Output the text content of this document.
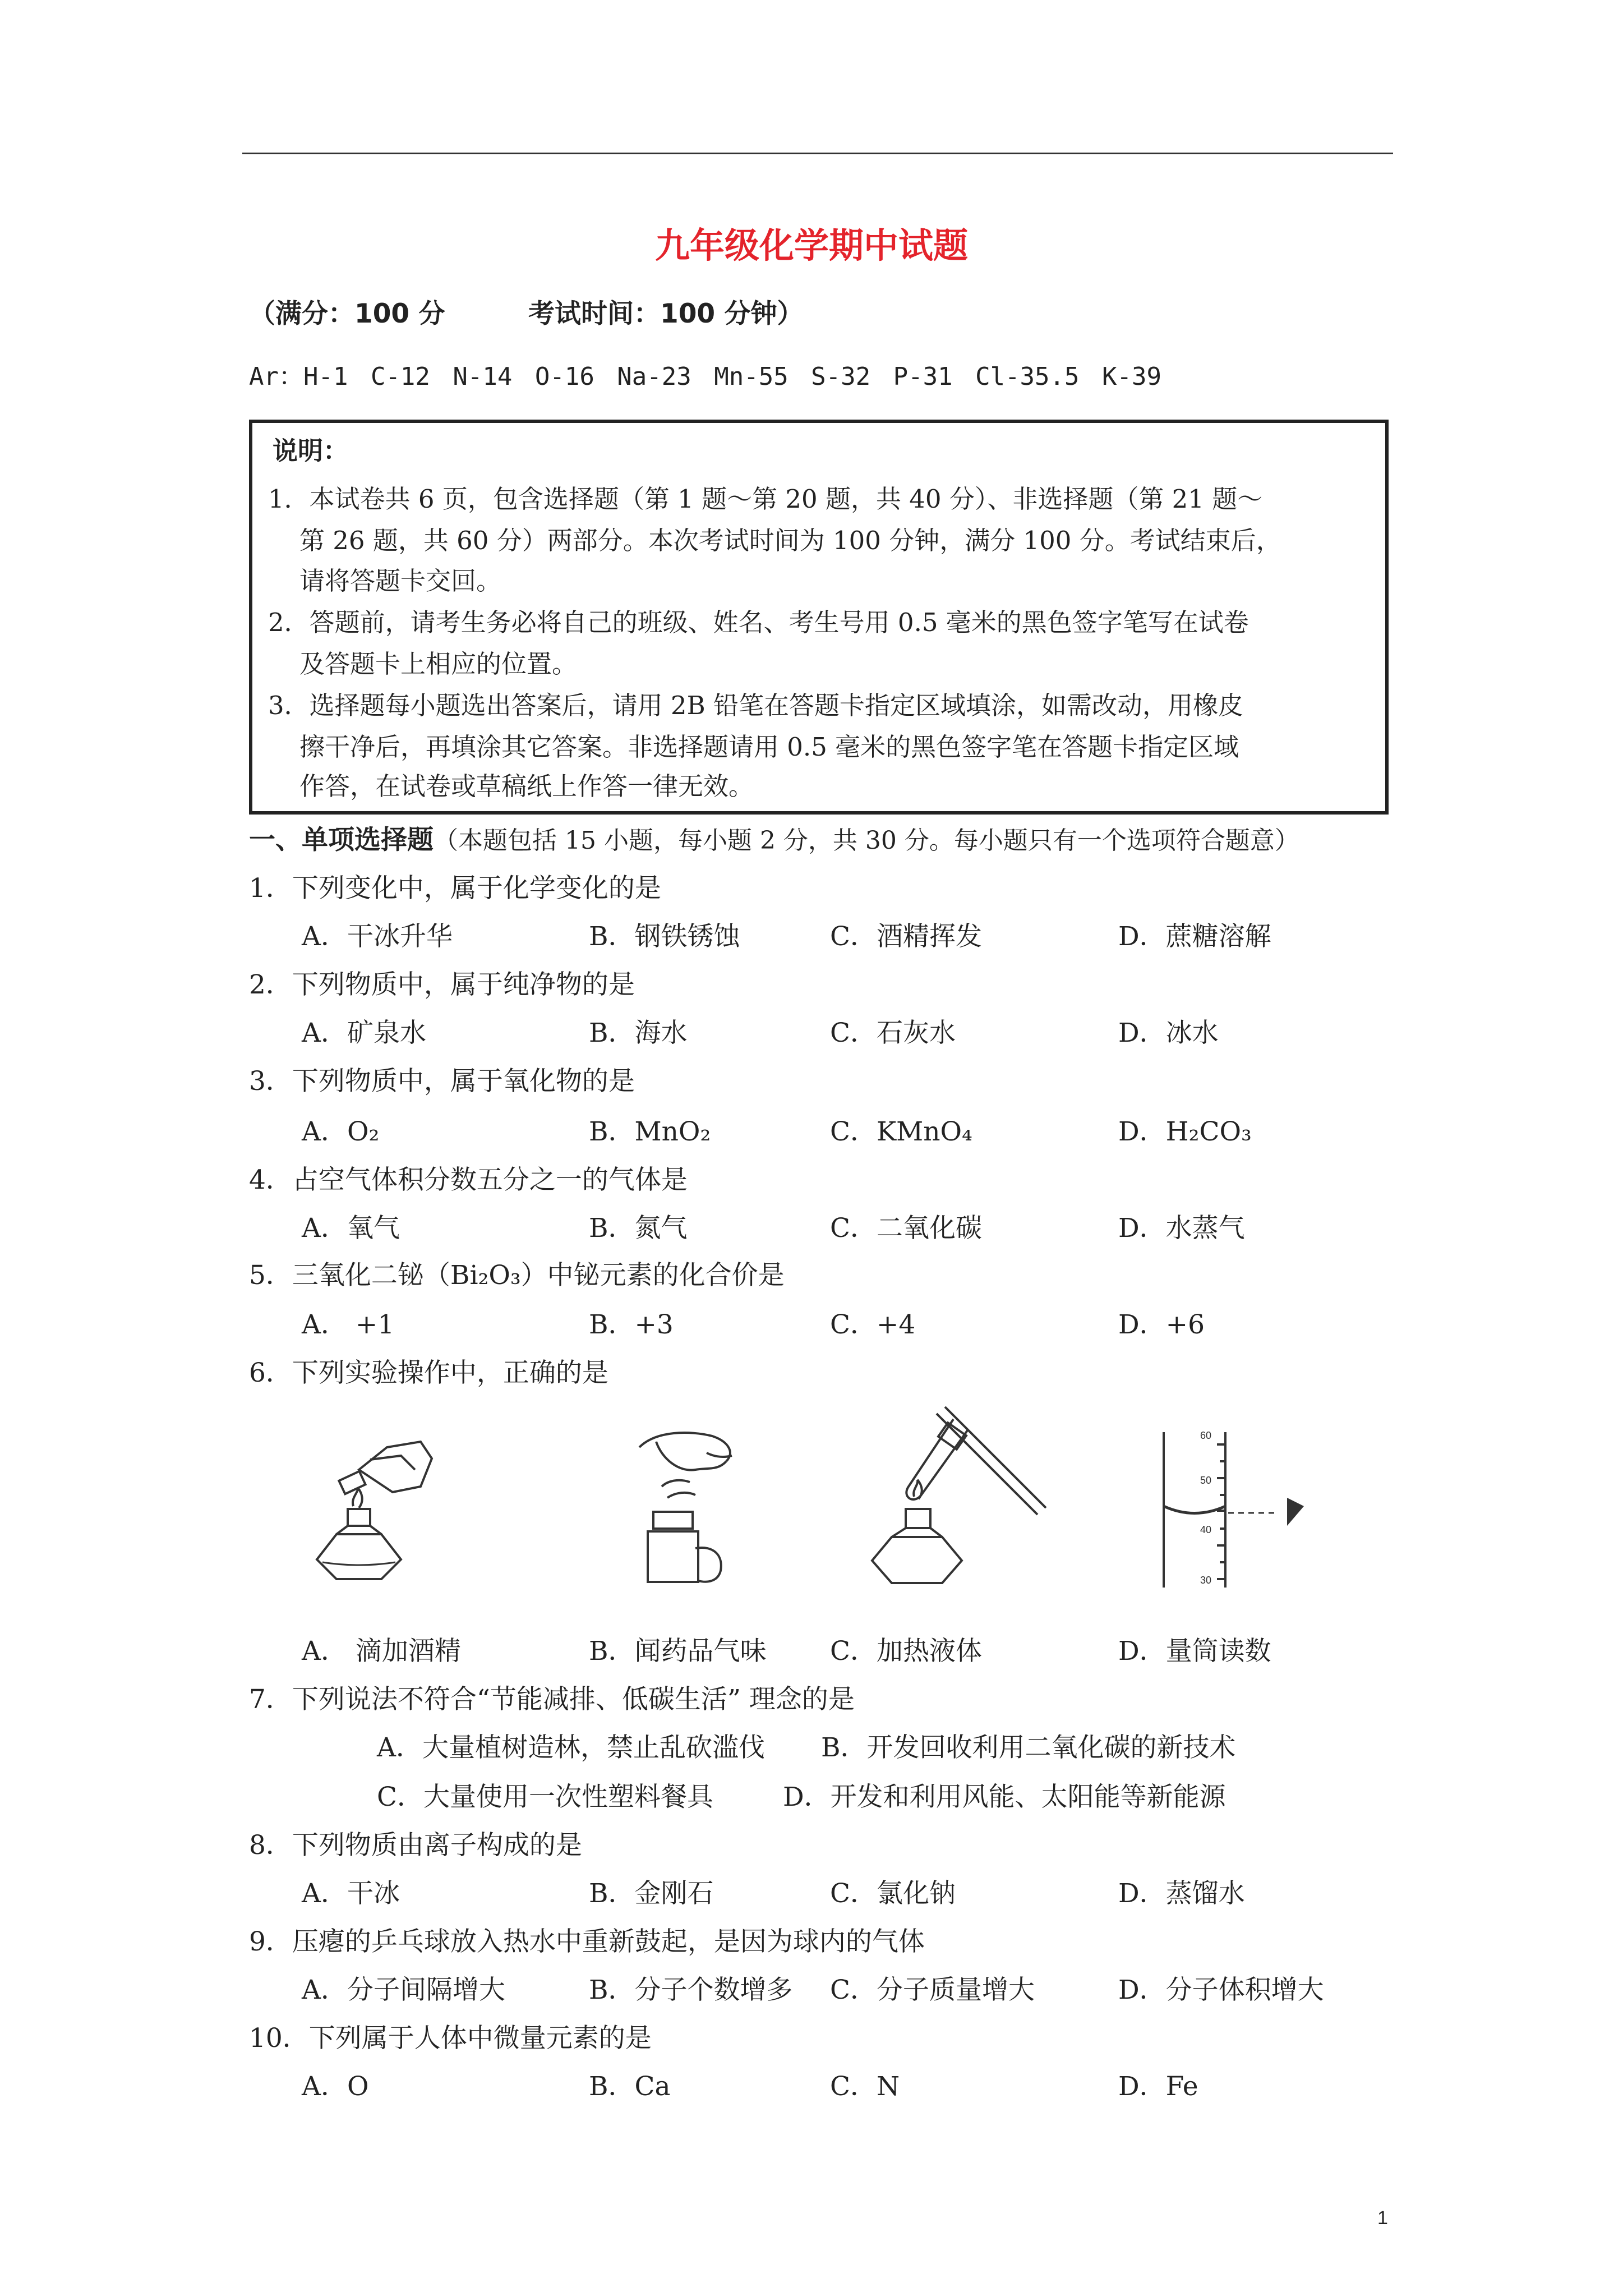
九年级化学期中试题
（满分：100 分	考试时间：100 分钟）
Ar：H-1 C-12 N-14 O-16 Na-23 Mn-55 S-32 P-31 Cl-35.5 K-39
说明：
1．本试卷共 6 页，包含选择题（第 1 题～第 20 题，共 40 分）、非选择题（第 21 题～
第 26 题，共 60 分）两部分。本次考试时间为 100 分钟，满分 100 分。考试结束后，
请将答题卡交回。
2．答题前，请考生务必将自己的班级、姓名、考生号用 0.5 毫米的黑色签字笔写在试卷
及答题卡上相应的位置。
3．选择题每小题选出答案后，请用 2B 铅笔在答题卡指定区域填涂，如需改动，用橡皮
擦干净后，再填涂其它答案。非选择题请用 0.5 毫米的黑色签字笔在答题卡指定区域
作答，在试卷或草稿纸上作答一律无效。
一、单项选择题（本题包括 15 小题，每小题 2 分，共 30 分。每小题只有一个选项符合题意）
1．下列变化中，属于化学变化的是
A．干冰升华	B．钢铁锈蚀	C．酒精挥发	D．蔗糖溶解
2．下列物质中，属于纯净物的是
A．矿泉水	B．海水	C．石灰水	D．冰水
3．下列物质中，属于氧化物的是
A．O₂	B．MnO₂	C．KMnO₄	D．H₂CO₃
4．占空气体积分数五分之一的气体是
A．氧气	B．氮气	C．二氧化碳	D．水蒸气
5．三氧化二铋（Bi₂O₃）中铋元素的化合价是
A． +1	B．+3	C．+4	D．+6
6．下列实验操作中，正确的是
60
50
40
30
A． 滴加酒精	B．闻药品气味 C．加热液体	D．量筒读数
7．下列说法不符合“节能减排、低碳生活” 理念的是
A．大量植树造林，禁止乱砍滥伐 B．开发回收利用二氧化碳的新技术
C．大量使用一次性塑料餐具	D．开发和利用风能、太阳能等新能源
8．下列物质由离子构成的是
A．干冰	B．金刚石	C．氯化钠	D．蒸馏水
9．压瘪的乒乓球放入热水中重新鼓起，是因为球内的气体
A．分子间隔增大	B．分子个数增多 C．分子质量增大	D．分子体积增大
10．下列属于人体中微量元素的是
A．O	B．Ca	C．N	D．Fe
1
